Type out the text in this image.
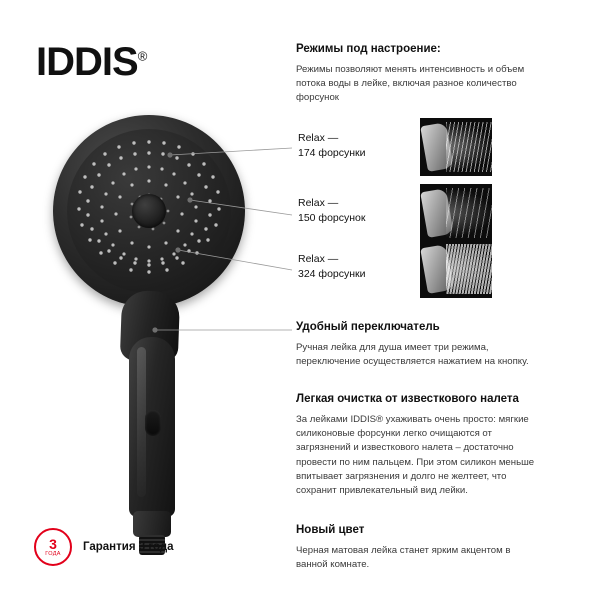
IDDIS®	Режимы под настроение:

Режимы позволяют менять интенсивность и объем потока воды в лейке, включая разное количество форсунок

Relax —
174 форсунки
Relax —
150 форсунок
Relax —
324 форсунки
Удобный переключатель

Ручная лейка для душа имеет три режима, переключение осуществляется нажатием на кнопку.

Легкая очистка от известкового налета

За лейками IDDIS® ухаживать очень просто: мягкие силиконовые форсунки легко очищаются от загрязнений и известкового налета – достаточно провести по ним пальцем. При этом силикон меньше впитывает загрязнения и долго не желтеет, что сохранит привлекательный вид лейки.

Новый цвет

Черная матовая лейка станет ярким акцентом в ванной комнате.

3
ГОДА
Гарантия 3 года
